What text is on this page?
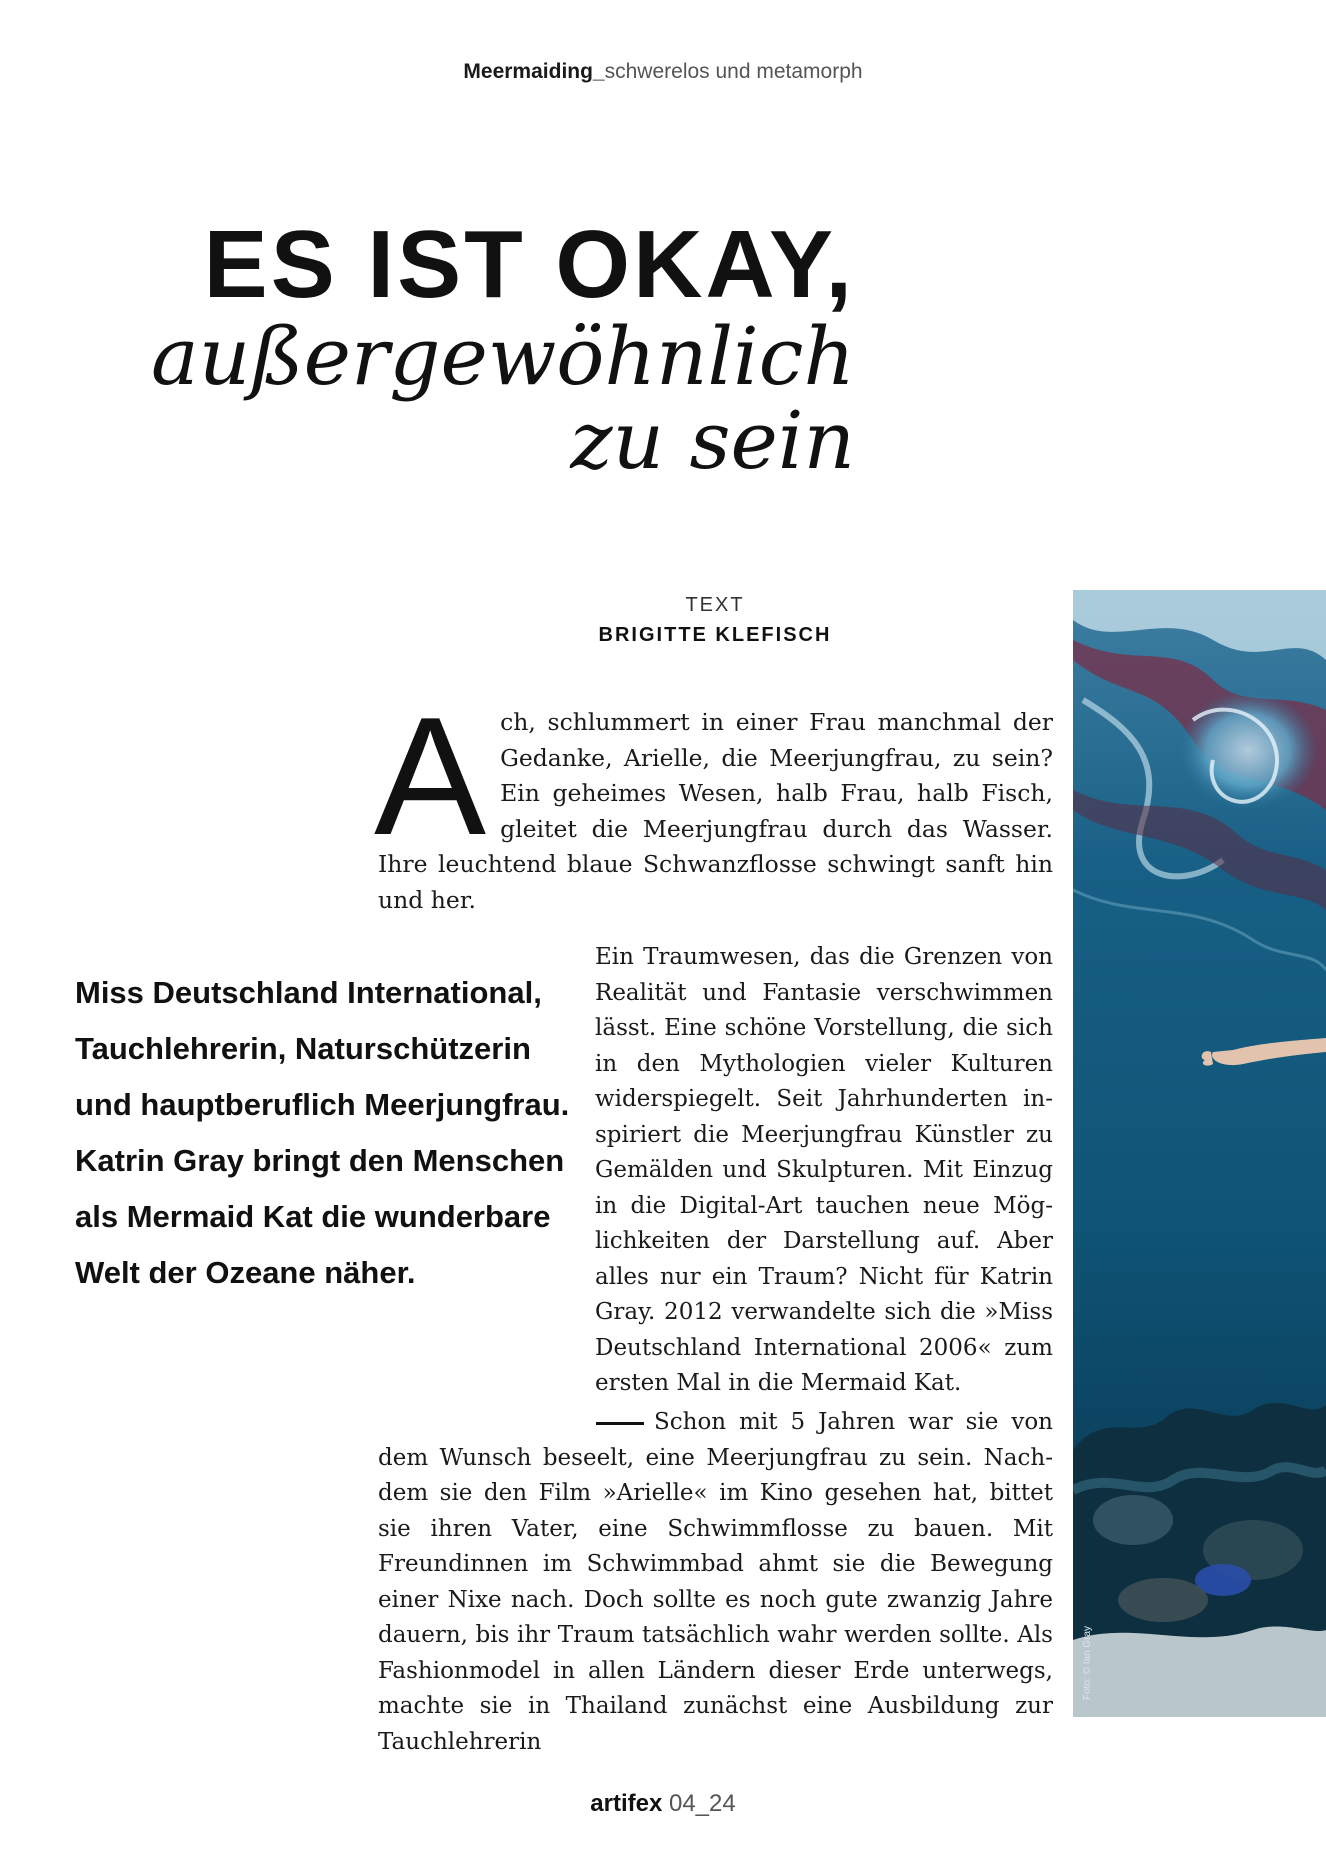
Meermaiding_schwerelos und metamorph
ES IST OKAY,
außergewöhnlich
zu sein
TEXT
BRIGITTE KLEFISCH
A ch, schlummert in einer Frau manchmal der Gedanke, Arielle, die Meerjungfrau, zu sein? Ein geheimes Wesen, halb Frau, halb Fisch, gleitet die Meerjungfrau durch das Wasser. Ihre leuchtend blaue Schwanzflosse schwingt sanft hin und her.
Ein Traumwesen, das die Grenzen von Realität und Fantasie verschwimmen lässt. Eine schöne Vorstellung, die sich in den Mythologien vieler Kulturen widerspiegelt. Seit Jahrhunderten inspiriert die Meerjungfrau Künstler zu Gemälden und Skulpturen. Mit Einzug in die Digital-Art tauchen neue Möglichkeiten der Darstellung auf. Aber alles nur ein Traum? Nicht für Katrin Gray. 2012 verwandelte sich die »Miss Deutschland International 2006« zum ersten Mal in die Mermaid Kat.
Schon mit 5 Jahren war sie von dem Wunsch beseelt, eine Meerjungfrau zu sein. Nachdem sie den Film »Arielle« im Kino gesehen hat, bittet sie ihren Vater, eine Schwimmflosse zu bauen. Mit Freundinnen im Schwimmbad ahmt sie die Bewegung einer Nixe nach. Doch sollte es noch gute zwanzig Jahre dauern, bis ihr Traum tatsächlich wahr werden sollte. Als Fashionmodel in allen Ländern dieser Erde unterwegs, machte sie in Thailand zunächst eine Ausbildung zur Tauchlehrerin
Miss Deutschland International, Tauchlehrerin, Naturschützerin und hauptberuflich Meerjungfrau. Katrin Gray bringt den Menschen als Mermaid Kat die wunderbare Welt der Ozeane näher.
Foto: © Ian Gray
artifex 04_24
